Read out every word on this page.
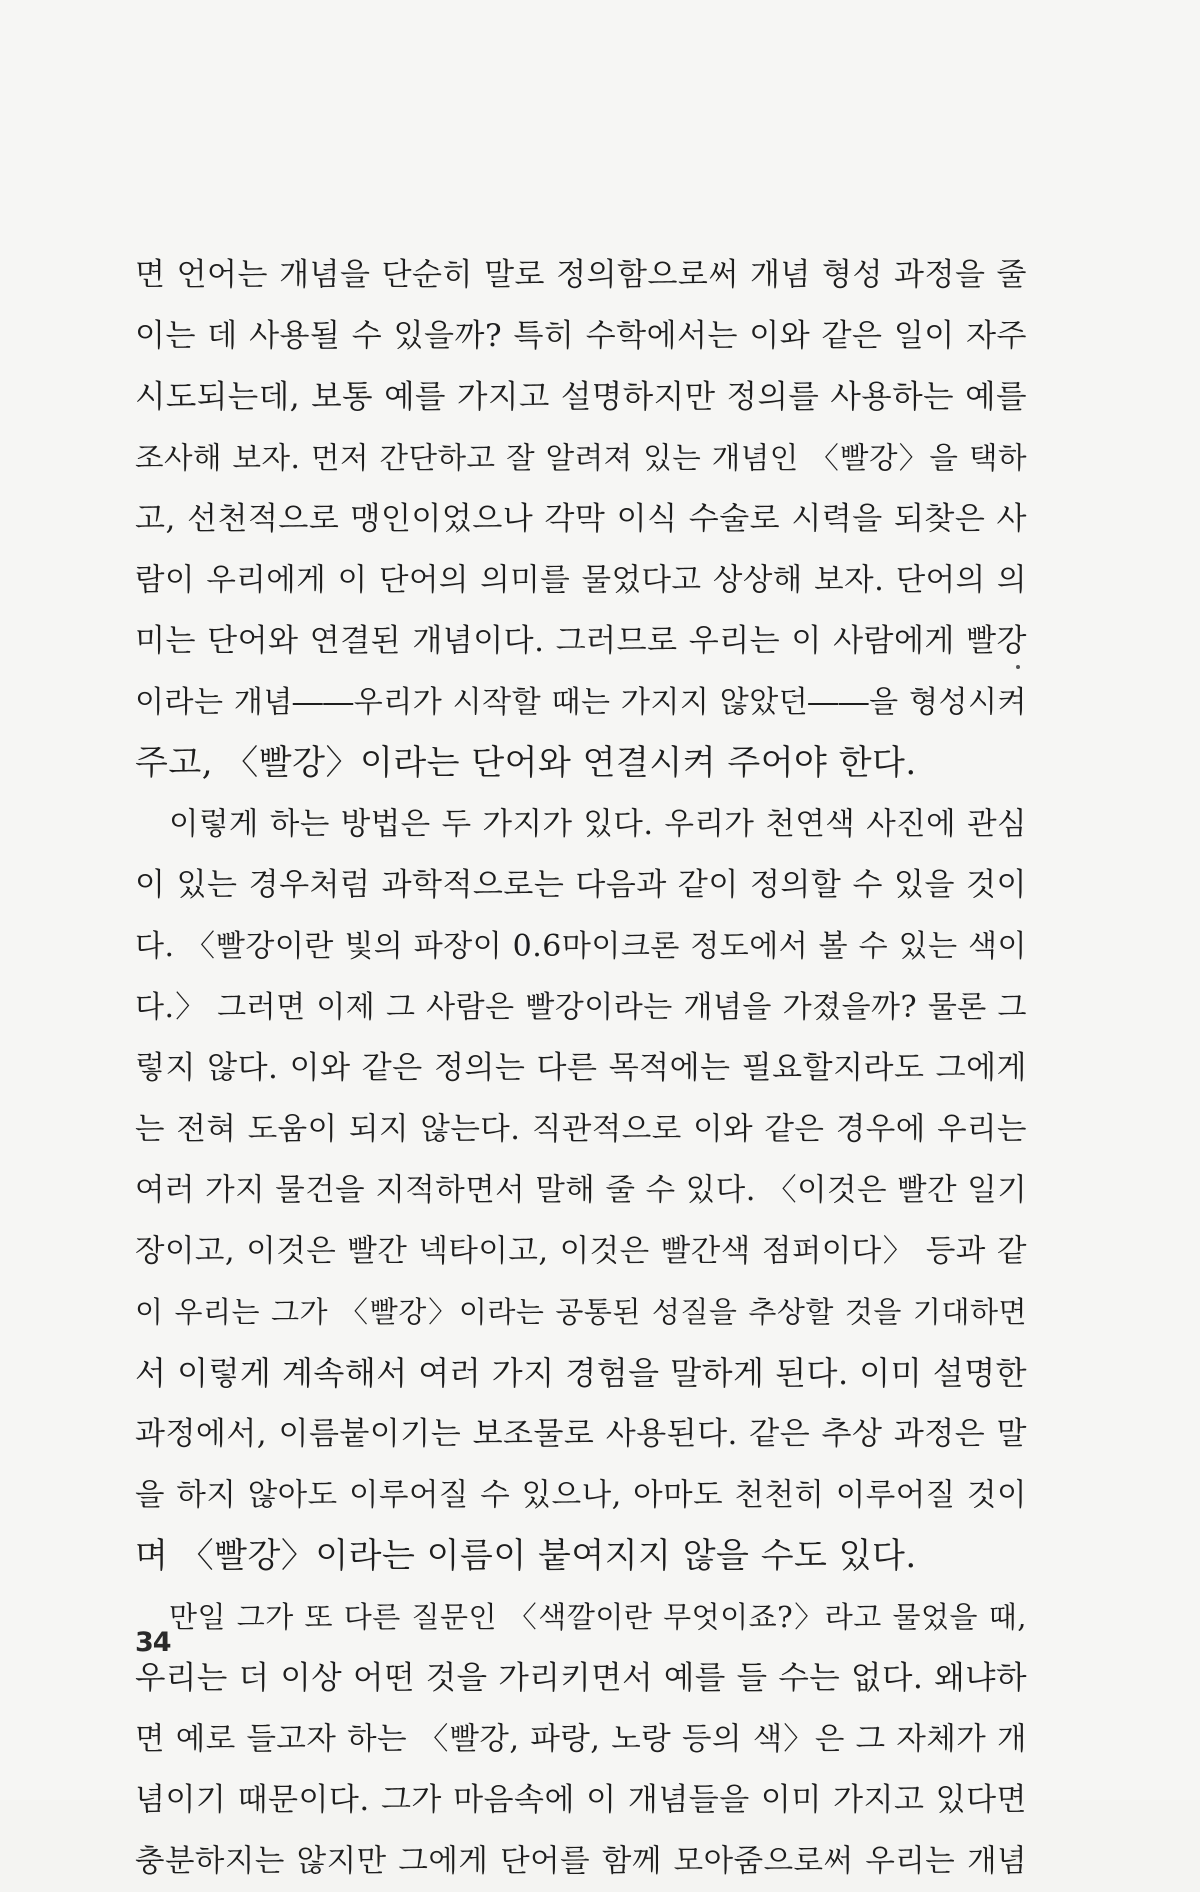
면 언어는 개념을 단순히 말로 정의함으로써 개념 형성 과정을 줄
이는 데 사용될 수 있을까? 특히 수학에서는 이와 같은 일이 자주
시도되는데, 보통 예를 가지고 설명하지만 정의를 사용하는 예를
조사해 보자. 먼저 간단하고 잘 알려져 있는 개념인 〈빨강〉을 택하
고, 선천적으로 맹인이었으나 각막 이식 수술로 시력을 되찾은 사
람이 우리에게 이 단어의 의미를 물었다고 상상해 보자. 단어의 의
미는 단어와 연결된 개념이다. 그러므로 우리는 이 사람에게 빨강
이라는 개념――우리가 시작할 때는 가지지 않았던――을 형성시켜
주고, 〈빨강〉이라는 단어와 연결시켜 주어야 한다.
이렇게 하는 방법은 두 가지가 있다. 우리가 천연색 사진에 관심
이 있는 경우처럼 과학적으로는 다음과 같이 정의할 수 있을 것이
다. 〈빨강이란 빛의 파장이 0.6마이크론 정도에서 볼 수 있는 색이
다.〉 그러면 이제 그 사람은 빨강이라는 개념을 가졌을까? 물론 그
렇지 않다. 이와 같은 정의는 다른 목적에는 필요할지라도 그에게
는 전혀 도움이 되지 않는다. 직관적으로 이와 같은 경우에 우리는
여러 가지 물건을 지적하면서 말해 줄 수 있다. 〈이것은 빨간 일기
장이고, 이것은 빨간 넥타이고, 이것은 빨간색 점퍼이다〉 등과 같
이 우리는 그가 〈빨강〉이라는 공통된 성질을 추상할 것을 기대하면
서 이렇게 계속해서 여러 가지 경험을 말하게 된다. 이미 설명한
과정에서, 이름붙이기는 보조물로 사용된다. 같은 추상 과정은 말
을 하지 않아도 이루어질 수 있으나, 아마도 천천히 이루어질 것이
며 〈빨강〉이라는 이름이 붙여지지 않을 수도 있다.
만일 그가 또 다른 질문인 〈색깔이란 무엇이죠?〉라고 물었을 때,
우리는 더 이상 어떤 것을 가리키면서 예를 들 수는 없다. 왜냐하
면 예로 들고자 하는 〈빨강, 파랑, 노랑 등의 색〉은 그 자체가 개
념이기 때문이다. 그가 마음속에 이 개념들을 이미 가지고 있다면
충분하지는 않지만 그에게 단어를 함께 모아줌으로써 우리는 개념
34
